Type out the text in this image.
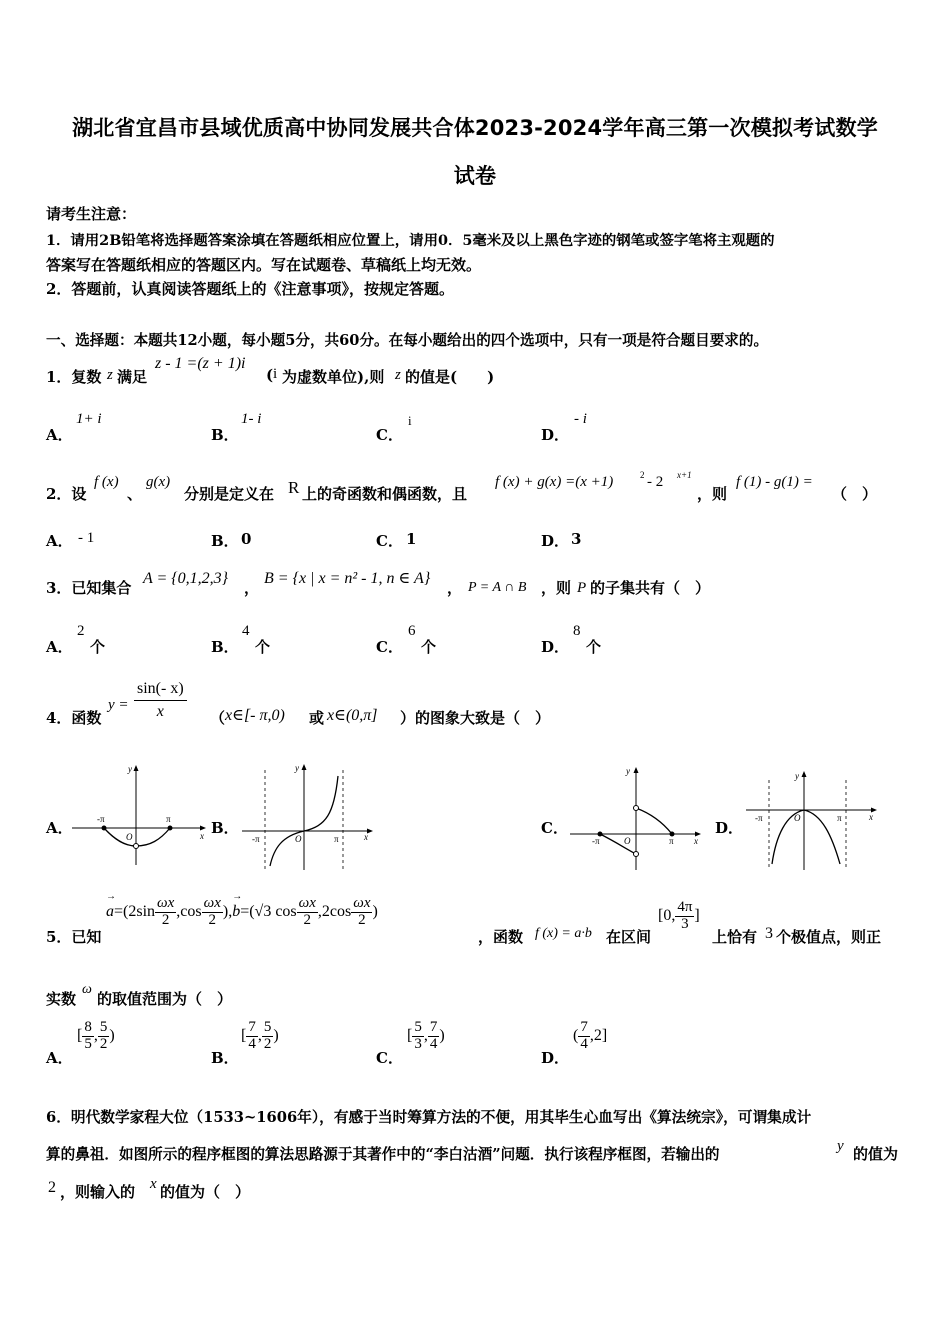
湖北省宜昌市县域优质高中协同发展共合体2023-2024学年高三第一次模拟考试数学
试卷
请考生注意：
1．请用2B铅笔将选择题答案涂填在答题纸相应位置上，请用0．5毫米及以上黑色字迹的钢笔或签字笔将主观题的
答案写在答题纸相应的答题区内。写在试题卷、草稿纸上均无效。
2．答题前，认真阅读答题纸上的《注意事项》，按规定答题。
一、选择题：本题共12小题，每小题5分，共60分。在每小题给出的四个选项中，只有一项是符合题目要求的。
1．复数 z 满足
z - 1 =(z + 1)i
( i 为虚数单位),则 z 的值是(　　)
A．
1+ i
B．
1- i
C．
i
D．
- i
2．设
f (x)
、
g(x)
分别是定义在 R 上的奇函数和偶函数，且
f (x) + g(x) =(x +1)	2 - 2 x+1
，则
f (1) - g(1) =
（　）
A． - 1	B． 0	C． 1	D． 3
3．已知集合
A = {0,1,2,3}
，
B = {x | x = n² - 1, n ∈ A}
， P = A ∩ B ，则 P 的子集共有（　）
A．
2
个	B．
4
个	C．
6
个	D．
8
个
4．函数
$y = \frac{\sin(- x)}{x}$ （ x∈[- π,0) 或 x∈(0,π] ）的图象大致是（　）
A．	B．	C．	D．
y
x
O
-π	π
y
x
O
-π	π
y
x
O
-π	π
y
x
O
-π	π
5．已知
→
$a =(2\sin \frac{\omega x}{2} ,\cos \frac{\omega x}{2}$ ),
→
b =(√3 $\cos \frac{\omega x}{2} ,2\cos \frac{\omega x}{2}$ )
，函数 f (x) = a·b 在区间
[0, $\frac{4\pi}{3}$ ]
上恰有 3 个极值点，则正
实数
ω
的取值范围为（　）
A．
[ $\frac{8}{5}$ , $\frac{5}{2}$ )
B．
[ $\frac{7}{4}$ , $\frac{5}{2}$ )
C．
[ $\frac{5}{3}$ , $\frac{7}{4}$ )
D．
( $\frac{7}{4}$ , 2 ]
6．明代数学家程大位（1533~1606年），有感于当时筹算方法的不便，用其毕生心血写出《算法统宗》，可谓集成计
算的鼻祖．如图所示的程序框图的算法思路源于其著作中的“李白沽酒”问题．执行该程序框图，若输出的	y 的值为
2 ，则输入的 x 的值为（　）
